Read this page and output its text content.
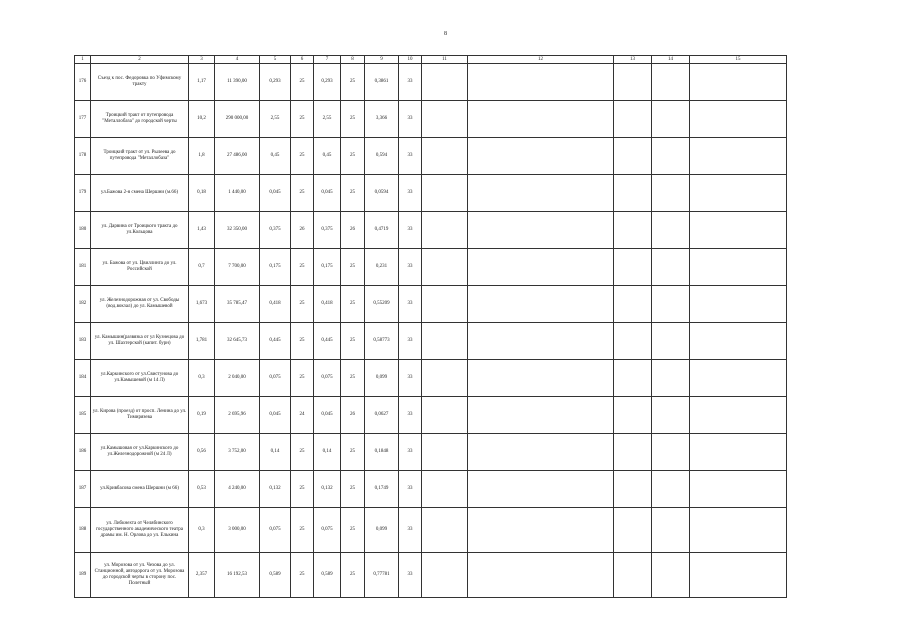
8
1	2	3	4	5	6	7	8	9	10	11	12	13	14	15
176	Съезд к пос. Федоровка по Уфимскому тракту	1,17	11 390,00	0,293	25	0,293	25	0,3861	33					
177	Троицкий тракт от путепровода "Металлобаза" до городской черты	10,2	290 000,00	2,55	25	2,55	25	3,366	33					
178	Троицкий тракт от ул. Рылеева до путепровода "Металлобаза"	1,8	27 486,00	0,45	25	0,45	25	0,594	33					
179	ул.Бажова 2-я смена Шершни (м.66)	0,18	1 440,00	0,045	25	0,045	25	0,0594	33					
180	ул. Дарвина от Троицкого тракта до ул.Кольцова	1,43	32 350,00	0,375	26	0,375	26	0,4719	33					
181	ул. Бажова от ул. Цвиллинга до ул. Российской	0,7	7 700,00	0,175	25	0,175	25	0,231	33					
182	ул. Железнодорожная от ул. Свободы (вод.вокзал) до ул. Камышевой	1,673	35 785,47	0,418	25	0,418	25	0,55209	33					
183	ул. Камышин(развязка от ул Кузнецова до ул. Шахтерской (капит. бурн)	1,781	32 645,73	0,445	25	0,445	25	0,58773	33					
184	ул.Каркинского от ул.Свистунова до ул.Камышевой (м 14 Л)	0,3	2 040,00	0,075	25	0,075	25	0,099	33					
185	ул. Кирова (проезд) от просп. Ленина до ул. Тимирязева	0,19	2 695,96	0,045	24	0,045	26	0,0627	33					
186	ул.Камышовая от ул.Каркинского до ул.Железнодорожной (м 24 Л)	0,56	3 752,00	0,14	25	0,14	25	0,1848	33					
187	ул.Кривбасова смена Шершни (м 66)	0,53	4 240,00	0,132	25	0,132	25	0,1749	33					
188	ул. Либкнехта от Челябинского государственного академического театра драмы им. Н. Орлова до ул. Елькина	0,3	3 000,00	0,075	25	0,075	25	0,099	33					
189	ул. Морозова от ул. Чехова до ул. Станционной, автодорога от ул. Морозова до городской черты в сторону пос. Полетный	2,357	16 192,53	0,589	25	0,589	25	0,77781	33					
